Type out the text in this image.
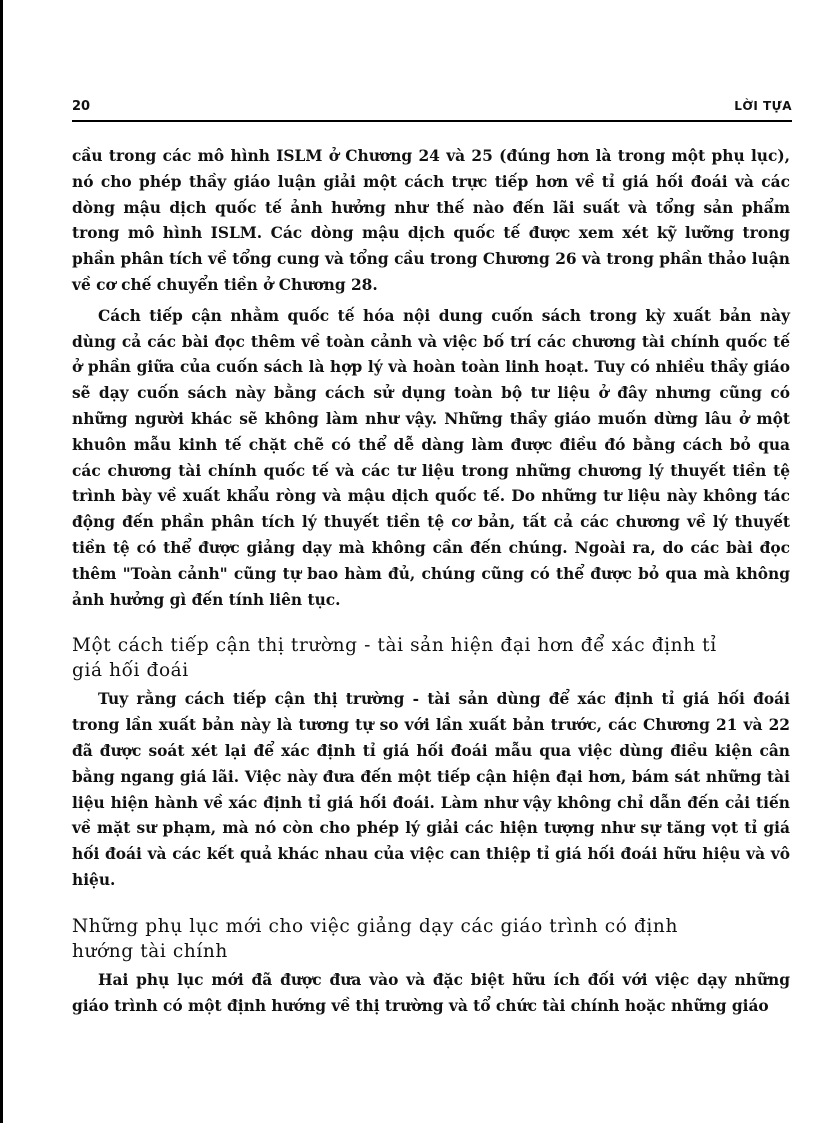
20	LỜI TỰA

cầu trong các mô hình ISLM ở Chương 24 và 25 (đúng hơn là trong một phụ lục), nó cho phép thầy giáo luận giải một cách trực tiếp hơn về tỉ giá hối đoái và các dòng mậu dịch quốc tế ảnh hưởng như thế nào đến lãi suất và tổng sản phẩm trong mô hình ISLM. Các dòng mậu dịch quốc tế được xem xét kỹ lưỡng trong phần phân tích về tổng cung và tổng cầu trong Chương 26 và trong phần thảo luận về cơ chế chuyển tiền ở Chương 28.

Cách tiếp cận nhằm quốc tế hóa nội dung cuốn sách trong kỳ xuất bản này dùng cả các bài đọc thêm về toàn cảnh và việc bố trí các chương tài chính quốc tế ở phần giữa của cuốn sách là hợp lý và hoàn toàn linh hoạt. Tuy có nhiều thầy giáo sẽ dạy cuốn sách này bằng cách sử dụng toàn bộ tư liệu ở đây nhưng cũng có những người khác sẽ không làm như vậy. Những thầy giáo muốn dừng lâu ở một khuôn mẫu kinh tế chặt chẽ có thể dễ dàng làm được điều đó bằng cách bỏ qua các chương tài chính quốc tế và các tư liệu trong những chương lý thuyết tiền tệ trình bày về xuất khẩu ròng và mậu dịch quốc tế. Do những tư liệu này không tác động đến phần phân tích lý thuyết tiền tệ cơ bản, tất cả các chương về lý thuyết tiền tệ có thể được giảng dạy mà không cần đến chúng. Ngoài ra, do các bài đọc thêm "Toàn cảnh" cũng tự bao hàm đủ, chúng cũng có thể được bỏ qua mà không ảnh hưởng gì đến tính liên tục.

Một cách tiếp cận thị trường - tài sản hiện đại hơn để xác định tỉ giá hối đoái

Tuy rằng cách tiếp cận thị trường - tài sản dùng để xác định tỉ giá hối đoái trong lần xuất bản này là tương tự so với lần xuất bản trước, các Chương 21 và 22 đã được soát xét lại để xác định tỉ giá hối đoái mẫu qua việc dùng điều kiện cân bằng ngang giá lãi. Việc này đưa đến một tiếp cận hiện đại hơn, bám sát những tài liệu hiện hành về xác định tỉ giá hối đoái. Làm như vậy không chỉ dẫn đến cải tiến về mặt sư phạm, mà nó còn cho phép lý giải các hiện tượng như sự tăng vọt tỉ giá hối đoái và các kết quả khác nhau của việc can thiệp tỉ giá hối đoái hữu hiệu và vô hiệu.

Những phụ lục mới cho việc giảng dạy các giáo trình có định hướng tài chính

Hai phụ lục mới đã được đưa vào và đặc biệt hữu ích đối với việc dạy những giáo trình có một định hướng về thị trường và tổ chức tài chính hoặc những giáo
